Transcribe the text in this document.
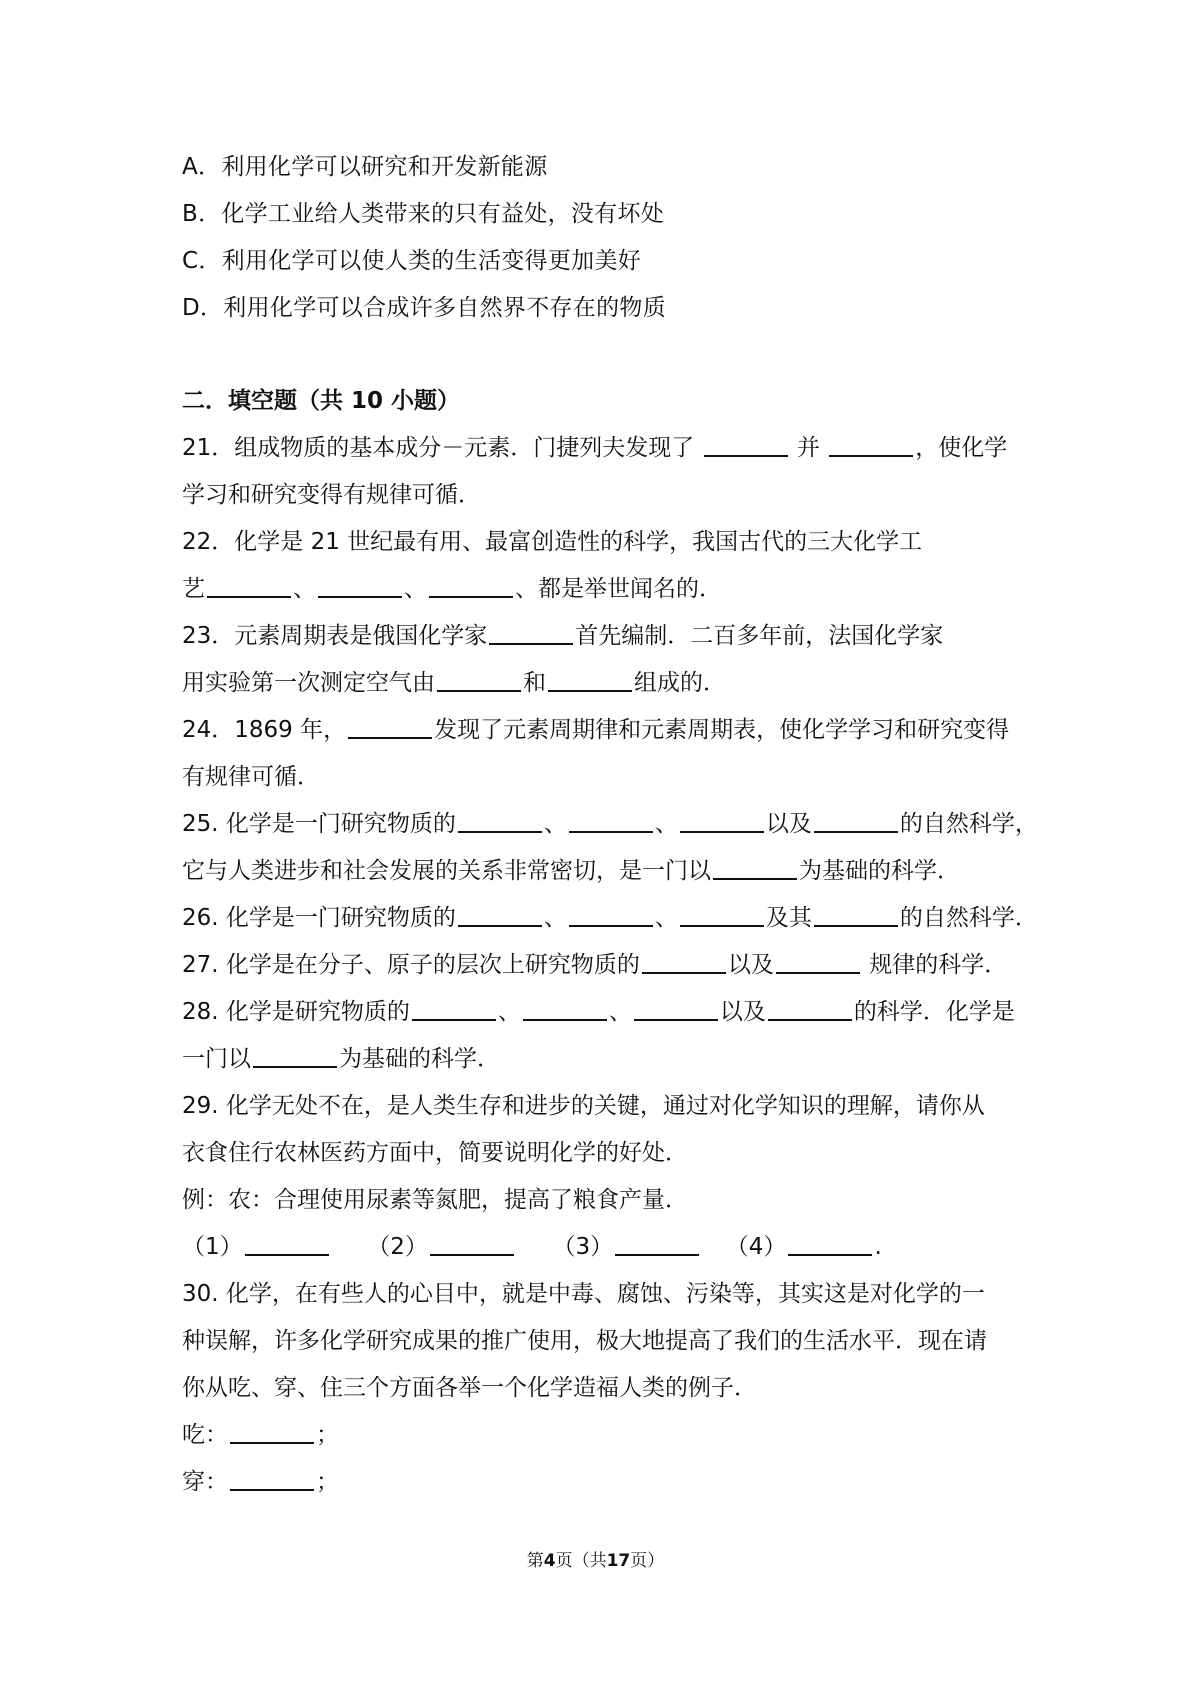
A．利用化学可以研究和开发新能源
B．化学工业给人类带来的只有益处，没有坏处
C．利用化学可以使人类的生活变得更加美好
D．利用化学可以合成许多自然界不存在的物质
二．填空题（共 10 小题）
21．组成物质的基本成分－元素．门捷列夫发现了	并	，使化学
学习和研究变得有规律可循．
22．化学是 21 世纪最有用、最富创造性的科学，我国古代的三大化学工
艺	、	、	、都是举世闻名的．
23．元素周期表是俄国化学家	首先编制．二百多年前，法国化学家
用实验第一次测定空气由	和	组成的．
24．1869 年，	发现了元素周期律和元素周期表，使化学学习和研究变得
有规律可循．
25. 化学是一门研究物质的	、	、	以及	的自然科学，
它与人类进步和社会发展的关系非常密切，是一门以	为基础的科学．
26. 化学是一门研究物质的	、	、	及其	的自然科学．
27. 化学是在分子、原子的层次上研究物质的	以及	规律的科学．
28. 化学是研究物质的	、	、	以及	的科学．化学是
一门以	为基础的科学．
29. 化学无处不在，是人类生存和进步的关键，通过对化学知识的理解，请你从
衣食住行农林医药方面中，简要说明化学的好处．
例：农：合理使用尿素等氮肥，提高了粮食产量．
（1）	（2）	（3）	（4）	.
30. 化学，在有些人的心目中，就是中毒、腐蚀、污染等，其实这是对化学的一
种误解，许多化学研究成果的推广使用，极大地提高了我们的生活水平．现在请
你从吃、穿、住三个方面各举一个化学造福人类的例子．
吃：	；
穿：	；
第4页（共17页）
